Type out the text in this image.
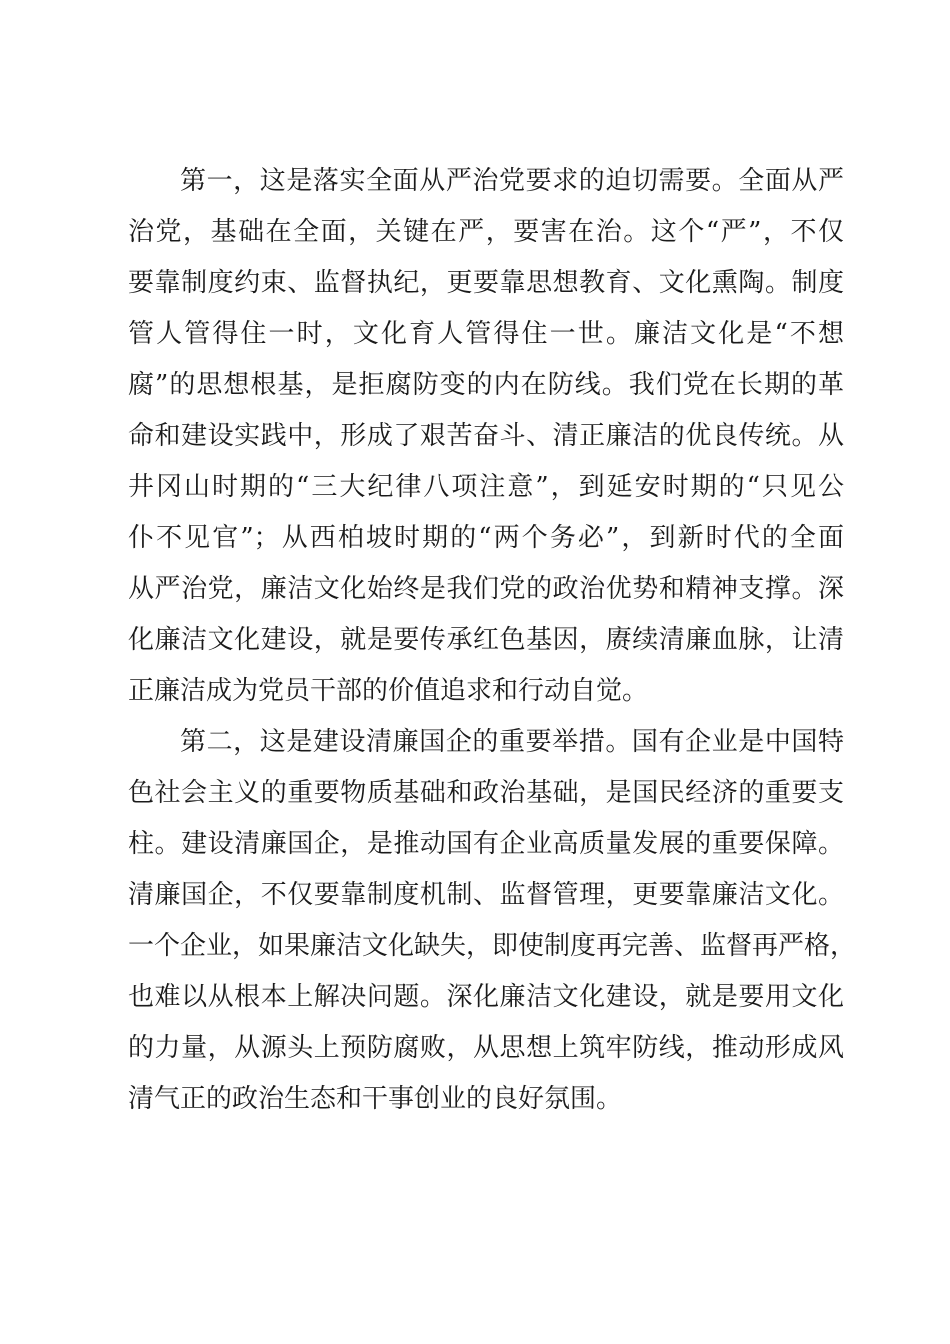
第一，这是落实全面从严治党要求的迫切需要。全面从严
治党，基础在全面，关键在严，要害在治。这个“严”，不仅
要靠制度约束、监督执纪，更要靠思想教育、文化熏陶。制度
管人管得住一时，文化育人管得住一世。廉洁文化是“不想
腐”的思想根基，是拒腐防变的内在防线。我们党在长期的革
命和建设实践中，形成了艰苦奋斗、清正廉洁的优良传统。从
井冈山时期的“三大纪律八项注意”，到延安时期的“只见公
仆不见官”；从西柏坡时期的“两个务必”，到新时代的全面
从严治党，廉洁文化始终是我们党的政治优势和精神支撑。深
化廉洁文化建设，就是要传承红色基因，赓续清廉血脉，让清
正廉洁成为党员干部的价值追求和行动自觉。
第二，这是建设清廉国企的重要举措。国有企业是中国特
色社会主义的重要物质基础和政治基础，是国民经济的重要支
柱。建设清廉国企，是推动国有企业高质量发展的重要保障。
清廉国企，不仅要靠制度机制、监督管理，更要靠廉洁文化。
一个企业，如果廉洁文化缺失，即使制度再完善、监督再严格，
也难以从根本上解决问题。深化廉洁文化建设，就是要用文化
的力量，从源头上预防腐败，从思想上筑牢防线，推动形成风
清气正的政治生态和干事创业的良好氛围。
